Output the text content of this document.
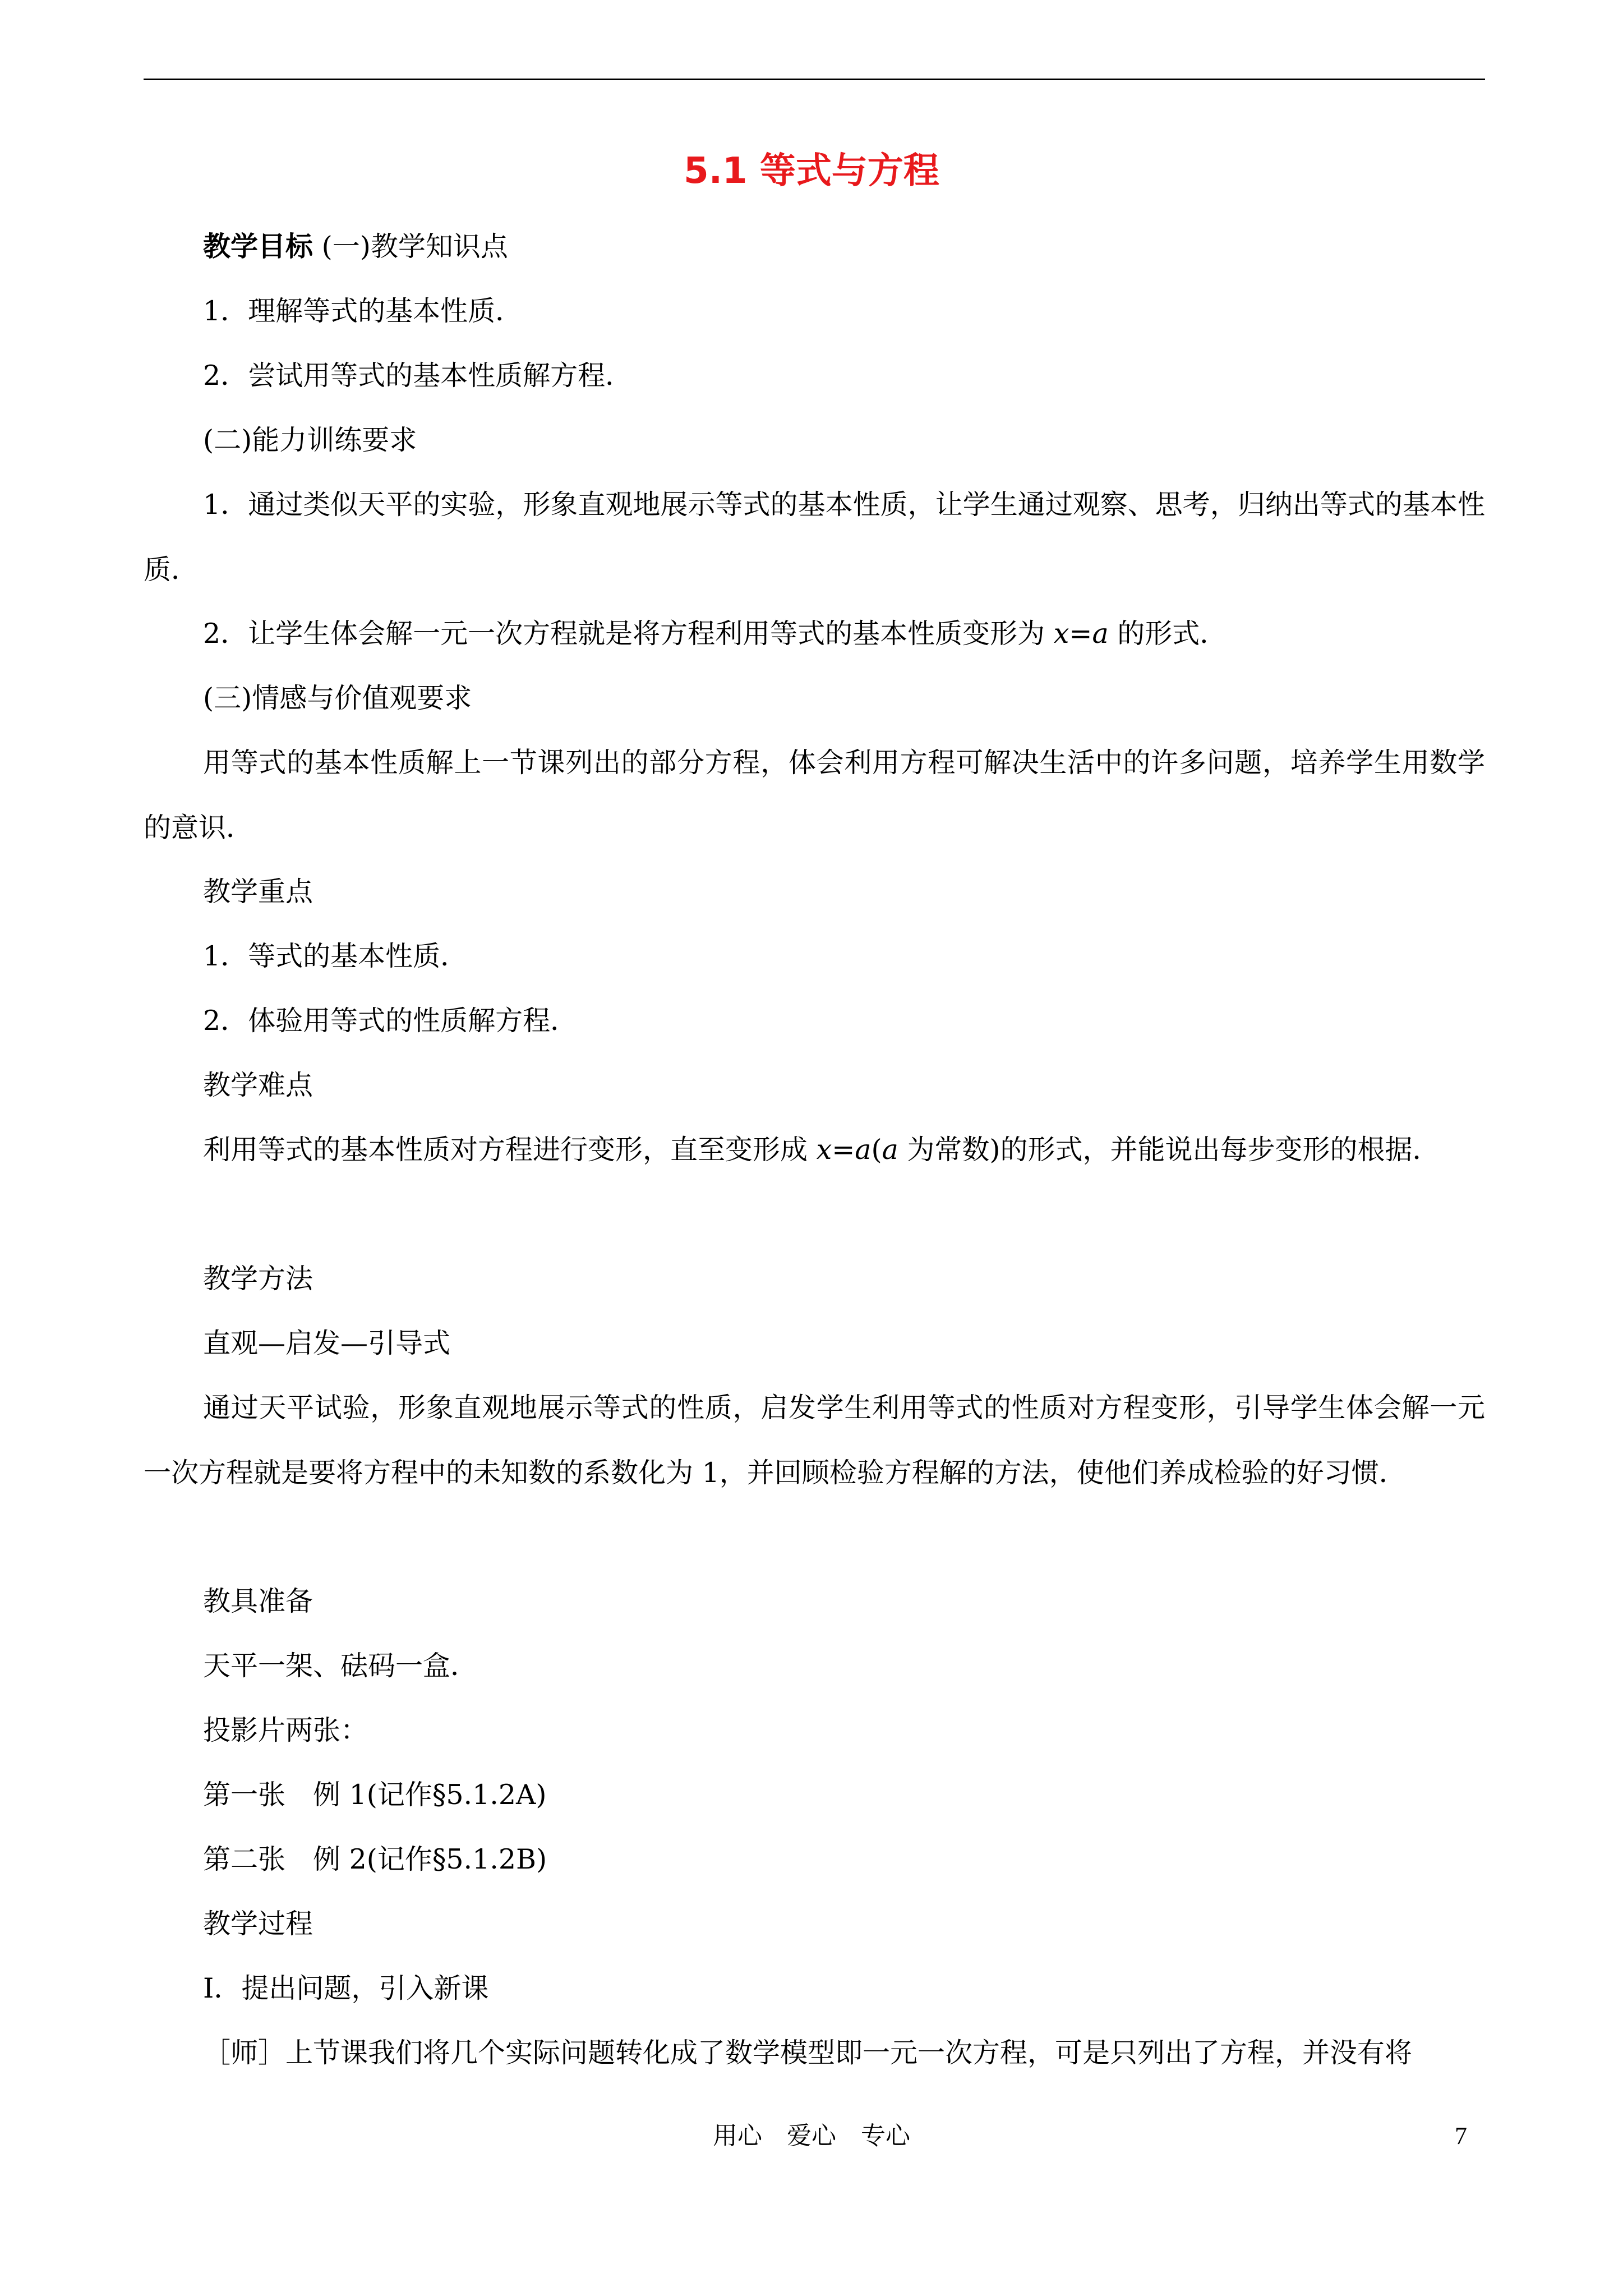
5.1 等式与方程
教学目标 (一)教学知识点
1．理解等式的基本性质．
2．尝试用等式的基本性质解方程．
(二)能力训练要求
1．通过类似天平的实验，形象直观地展示等式的基本性质，让学生通过观察、思考，归纳出等式的基本性质．
2．让学生体会解一元一次方程就是将方程利用等式的基本性质变形为 x=a 的形式．
(三)情感与价值观要求
用等式的基本性质解上一节课列出的部分方程，体会利用方程可解决生活中的许多问题，培养学生用数学的意识．
教学重点
1．等式的基本性质．
2．体验用等式的性质解方程．
教学难点
利用等式的基本性质对方程进行变形，直至变形成 x=a(a 为常数)的形式，并能说出每步变形的根据．
教学方法
直观—启发—引导式
通过天平试验，形象直观地展示等式的性质，启发学生利用等式的性质对方程变形，引导学生体会解一元一次方程就是要将方程中的未知数的系数化为 1，并回顾检验方程解的方法，使他们养成检验的好习惯．
教具准备
天平一架、砝码一盒．
投影片两张：
第一张　例 1(记作§5.1.2A)
第二张　例 2(记作§5.1.2B)
教学过程
Ⅰ．提出问题，引入新课
［师］上节课我们将几个实际问题转化成了数学模型即一元一次方程，可是只列出了方程，并没有将
用心　爱心　专心	7
